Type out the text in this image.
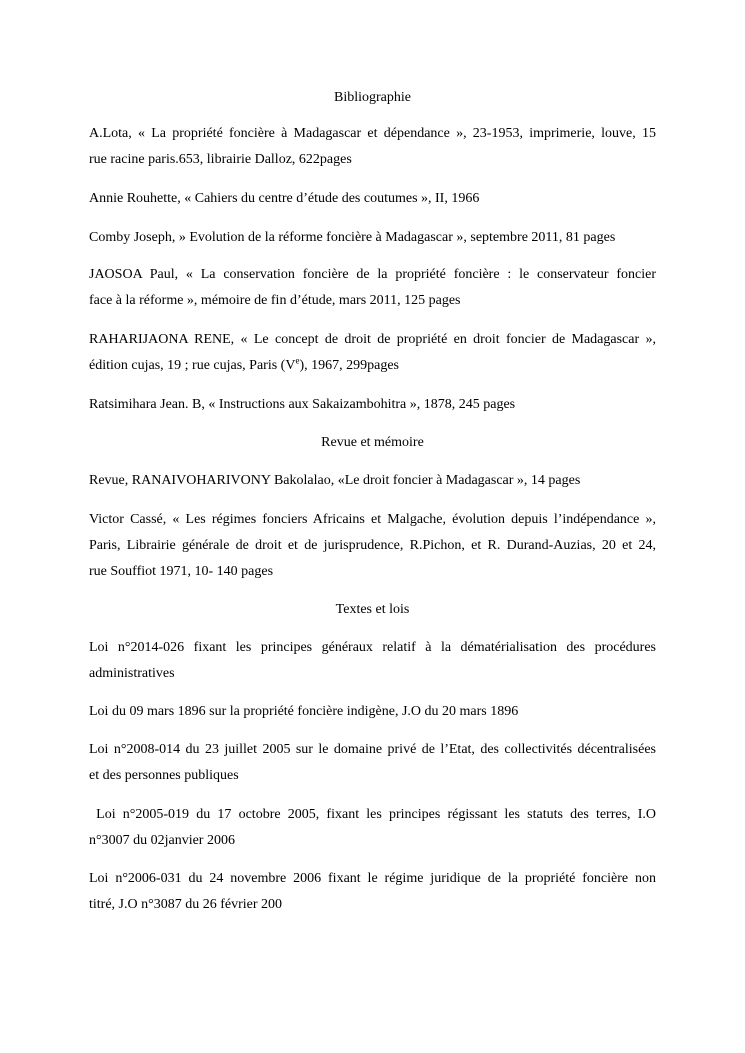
Bibliographie
A.Lota, « La propriété foncière à Madagascar et dépendance », 23-1953, imprimerie, louve, 15
rue racine paris.653, librairie Dalloz, 622pages
Annie Rouhette, « Cahiers du centre d’étude des coutumes », II, 1966
Comby Joseph, » Evolution de la réforme foncière à Madagascar », septembre 2011, 81 pages
JAOSOA Paul, « La conservation foncière de la propriété foncière : le conservateur foncier
face à la réforme », mémoire de fin d’étude, mars 2011, 125 pages
RAHARIJAONA RENE, « Le concept de droit de propriété en droit foncier de Madagascar »,
édition cujas, 19 ; rue cujas, Paris (Ve), 1967, 299pages
Ratsimihara Jean. B, « Instructions aux Sakaizambohitra », 1878, 245 pages
Revue et mémoire
Revue, RANAIVOHARIVONY Bakolalao, «Le droit foncier à Madagascar », 14 pages
Victor Cassé, « Les régimes fonciers Africains et Malgache, évolution depuis l’indépendance »,
Paris, Librairie générale de droit et de jurisprudence, R.Pichon, et R. Durand-Auzias, 20 et 24,
rue Souffiot 1971, 10- 140 pages
Textes et lois
Loi n°2014-026 fixant les principes généraux relatif à la dématérialisation des procédures
administratives
Loi du 09 mars 1896 sur la propriété foncière indigène, J.O du 20 mars 1896
Loi n°2008-014 du 23 juillet 2005 sur le domaine privé de l’Etat, des collectivités décentralisées
et des personnes publiques
Loi n°2005-019 du 17 octobre 2005, fixant les principes régissant les statuts des terres, I.O
n°3007 du 02janvier 2006
Loi n°2006-031 du 24 novembre 2006 fixant le régime juridique de la propriété foncière non
titré, J.O n°3087 du 26 février 200
